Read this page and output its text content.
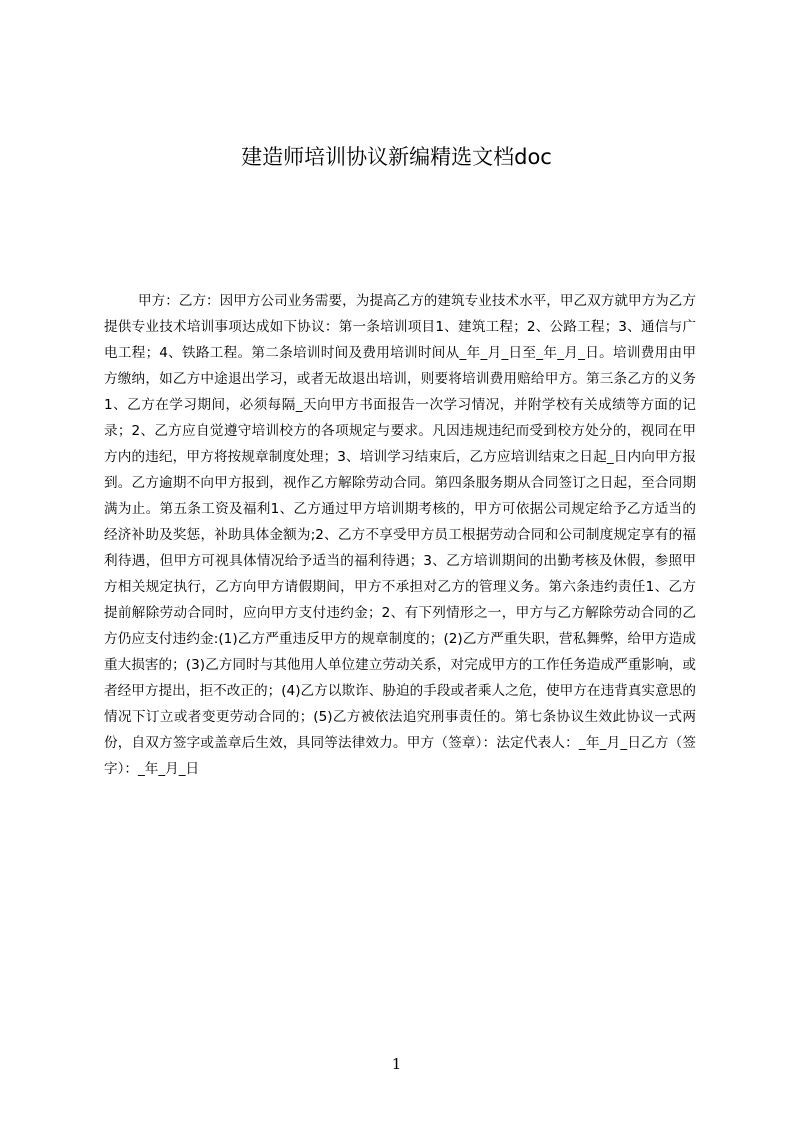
建造师培训协议新编精选文档doc

甲方：乙方：因甲方公司业务需要，为提高乙方的建筑专业技术水平，甲乙双方就甲方为乙方提供专业技术培训事项达成如下协议：第一条培训项目1、建筑工程；2、公路工程；3、通信与广电工程；4、铁路工程。第二条培训时间及费用培训时间从_年_月_日至_年_月_日。培训费用由甲方缴纳，如乙方中途退出学习，或者无故退出培训，则要将培训费用赔给甲方。第三条乙方的义务1、乙方在学习期间，必须每隔_天向甲方书面报告一次学习情况，并附学校有关成绩等方面的记录；2、乙方应自觉遵守培训校方的各项规定与要求。凡因违规违纪而受到校方处分的，视同在甲方内的违纪，甲方将按规章制度处理；3、培训学习结束后，乙方应培训结束之日起_日内向甲方报到。乙方逾期不向甲方报到，视作乙方解除劳动合同。第四条服务期从合同签订之日起，至合同期满为止。第五条工资及福利1、乙方通过甲方培训期考核的，甲方可依据公司规定给予乙方适当的经济补助及奖惩，补助具体金额为;2、乙方不享受甲方员工根据劳动合同和公司制度规定享有的福利待遇，但甲方可视具体情况给予适当的福利待遇；3、乙方培训期间的出勤考核及休假，参照甲方相关规定执行，乙方向甲方请假期间，甲方不承担对乙方的管理义务。第六条违约责任1、乙方提前解除劳动合同时，应向甲方支付违约金；2、有下列情形之一，甲方与乙方解除劳动合同的乙方仍应支付违约金:(1)乙方严重违反甲方的规章制度的；(2)乙方严重失职，营私舞弊，给甲方造成重大损害的；(3)乙方同时与其他用人单位建立劳动关系，对完成甲方的工作任务造成严重影响，或者经甲方提出，拒不改正的；(4)乙方以欺诈、胁迫的手段或者乘人之危，使甲方在违背真实意思的情况下订立或者变更劳动合同的；(5)乙方被依法追究刑事责任的。第七条协议生效此协议一式两份，自双方签字或盖章后生效，具同等法律效力。甲方（签章）：法定代表人：_年_月_日乙方（签字）：_年_月_日

1
